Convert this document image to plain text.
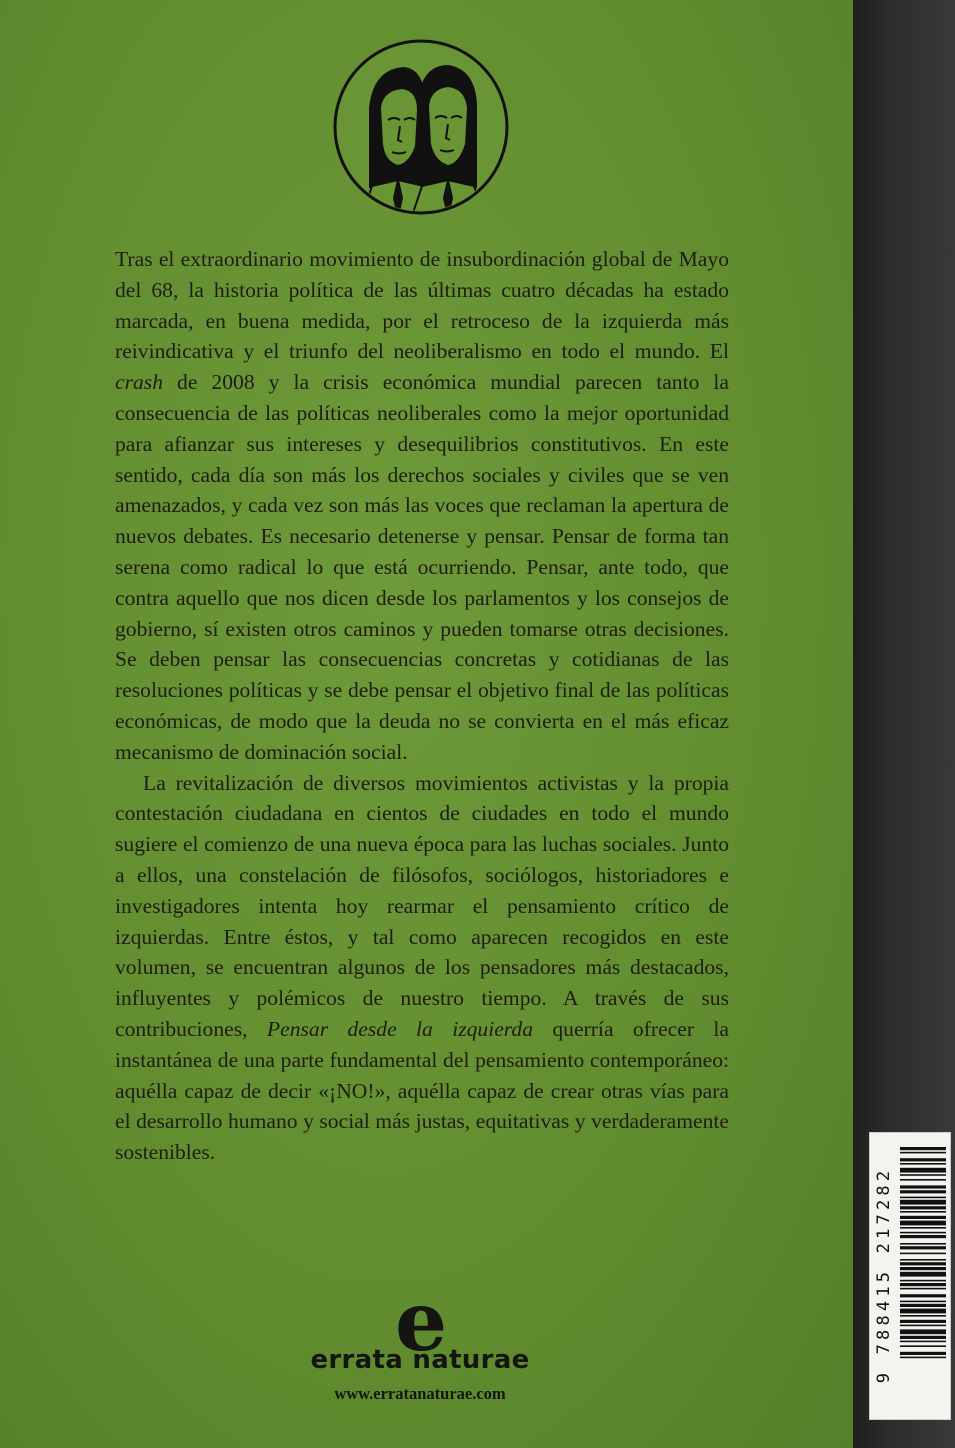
Tras el extraordinario movimiento de insubordinación global de Mayo del 68, la historia política de las últimas cuatro décadas ha estado marcada, en buena medida, por el retroceso de la izquierda más reivindicativa y el triunfo del neoliberalismo en todo el mundo. El crash de 2008 y la crisis económica mundial parecen tanto la consecuencia de las políticas neoliberales como la mejor oportunidad para afianzar sus intereses y desequilibrios constitutivos. En este sentido, cada día son más los derechos sociales y civiles que se ven amenazados, y cada vez son más las voces que reclaman la apertura de nuevos debates. Es necesario detenerse y pensar. Pensar de forma tan serena como radical lo que está ocurriendo. Pensar, ante todo, que contra aquello que nos dicen desde los parlamentos y los consejos de gobierno, sí existen otros caminos y pueden tomarse otras decisiones. Se deben pensar las consecuencias concretas y cotidianas de las resoluciones políticas y se debe pensar el objetivo final de las políticas económicas, de modo que la deuda no se convierta en el más eficaz mecanismo de dominación social.

La revitalización de diversos movimientos activistas y la propia contestación ciudadana en cientos de ciudades en todo el mundo sugiere el comienzo de una nueva época para las luchas sociales. Junto a ellos, una constelación de filósofos, sociólogos, historiadores e investigadores intenta hoy rearmar el pensamiento crítico de izquierdas. Entre éstos, y tal como aparecen recogidos en este volumen, se encuentran algunos de los pensadores más destacados, influyentes y polémicos de nuestro tiempo. A través de sus contribuciones, Pensar desde la izquierda querría ofrecer la instantánea de una parte fundamental del pensamiento contemporáneo: aquélla capaz de decir «¡NO!», aquélla capaz de crear otras vías para el desarrollo humano y social más justas, equitativas y verdaderamente sostenibles.

e
errata naturae
www.erratanaturae.com
9 788415 217282
